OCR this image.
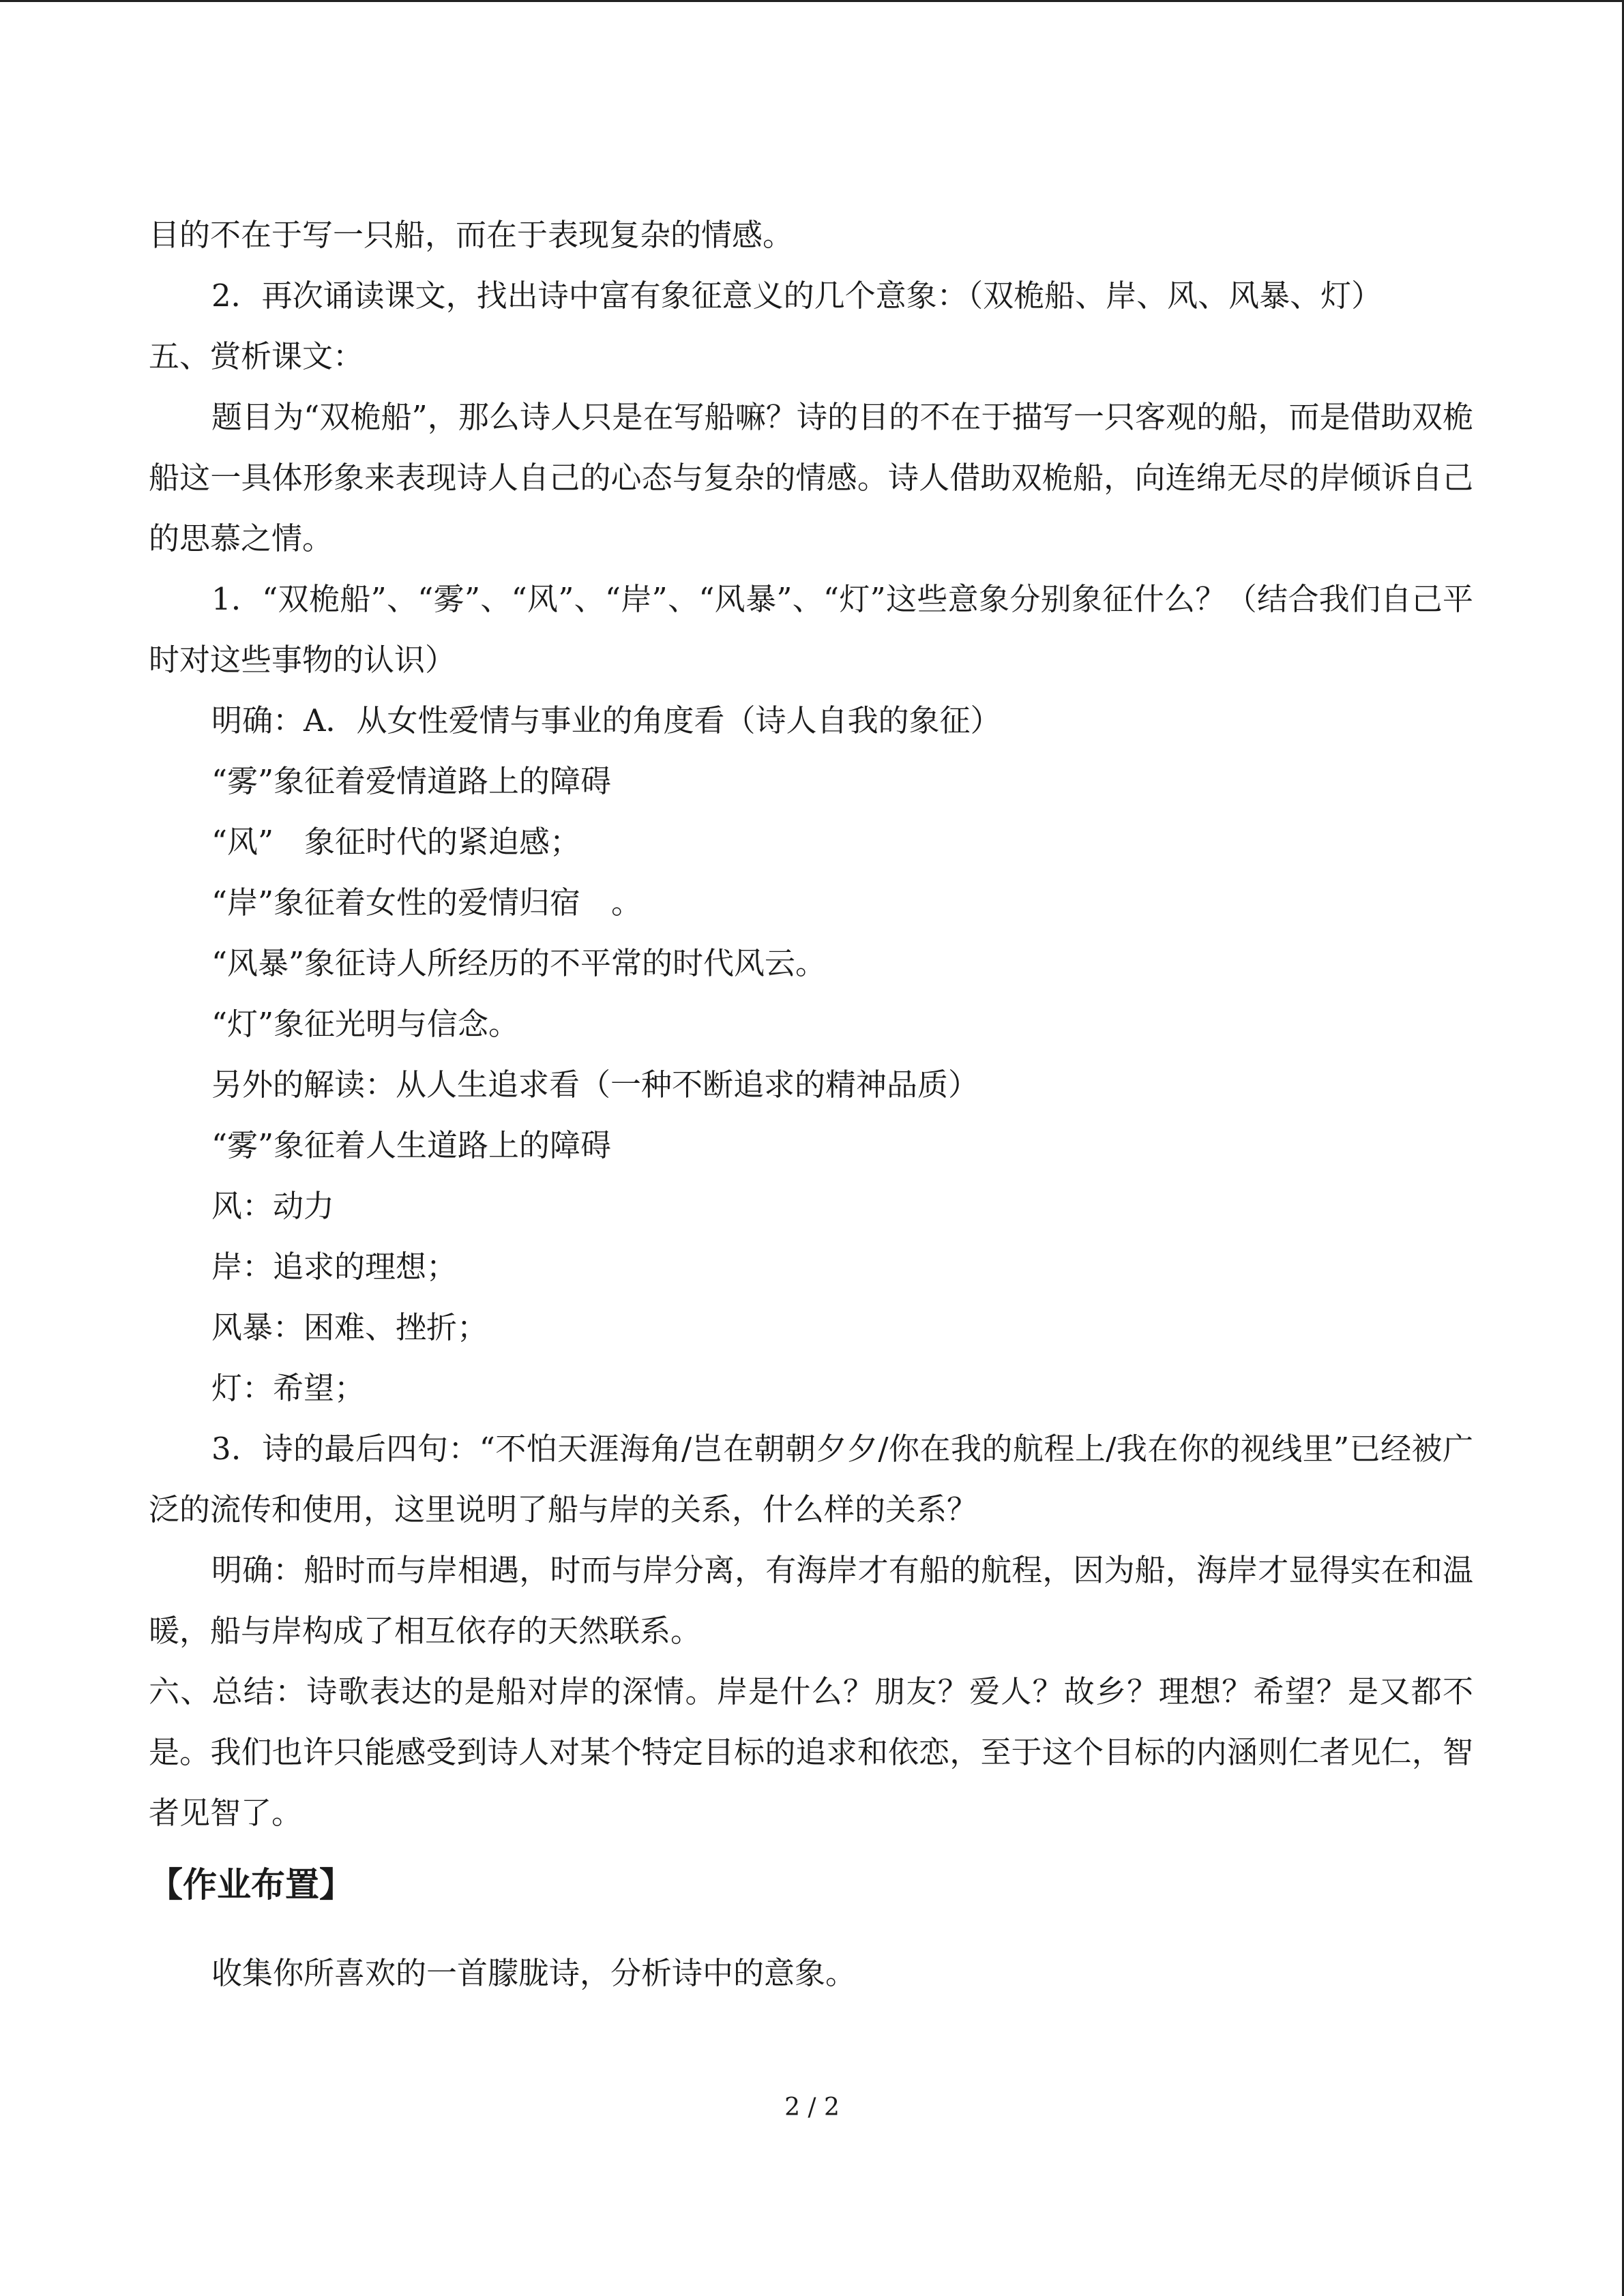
目的不在于写一只船，而在于表现复杂的情感。
2．再次诵读课文，找出诗中富有象征意义的几个意象：（双桅船、岸、风、风暴、灯）
五、赏析课文：
题目为“双桅船”，那么诗人只是在写船嘛？诗的目的不在于描写一只客观的船，而是借助双桅船这一具体形象来表现诗人自己的心态与复杂的情感。诗人借助双桅船，向连绵无尽的岸倾诉自己的思慕之情。
1．“双桅船”、“雾”、“风”、“岸”、“风暴”、“灯”这些意象分别象征什么？（结合我们自己平时对这些事物的认识）
明确：A．从女性爱情与事业的角度看（诗人自我的象征）
“雾”象征着爱情道路上的障碍
“风”　象征时代的紧迫感；
“岸”象征着女性的爱情归宿　。
“风暴”象征诗人所经历的不平常的时代风云。
“灯”象征光明与信念。
另外的解读：从人生追求看（一种不断追求的精神品质）
“雾”象征着人生道路上的障碍
风：动力
岸：追求的理想；
风暴：困难、挫折；
灯：希望；
3．诗的最后四句：“不怕天涯海角/岂在朝朝夕夕/你在我的航程上/我在你的视线里”已经被广泛的流传和使用，这里说明了船与岸的关系，什么样的关系？
明确：船时而与岸相遇，时而与岸分离，有海岸才有船的航程，因为船，海岸才显得实在和温暖，船与岸构成了相互依存的天然联系。
六、总结：诗歌表达的是船对岸的深情。岸是什么？朋友？爱人？故乡？理想？希望？是又都不是。我们也许只能感受到诗人对某个特定目标的追求和依恋，至于这个目标的内涵则仁者见仁，智者见智了。
【作业布置】
收集你所喜欢的一首朦胧诗，分析诗中的意象。
2 / 2
